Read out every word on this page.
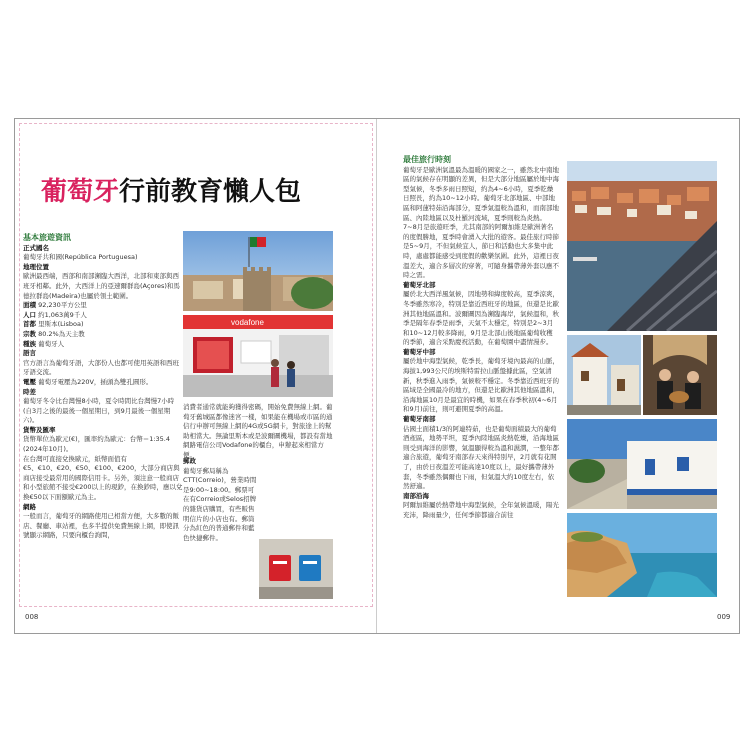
葡萄牙行前教育懶人包
基本旅遊資訊
正式國名
葡萄牙共和國(República Portuguesa)
地理位置
歐洲最西端，西部和南部瀕臨大西洋，北部和東部與西班牙相鄰。此外，大西洋上的亞速爾群島(Açores)和馬德拉群島(Madeira)也屬於領土範圍。
面積 92,230平方公里
人口 約1,063萬9千人
首都 里斯本(Lisboa)
宗教 80.2%為天主教
種族 葡萄牙人
語言
官方語言為葡萄牙語，大部份人也都可使用英語和西班牙語交流。
電壓 葡萄牙電壓為220V，插頭為雙孔圓形。
時差
葡萄牙冬令比台灣慢8小時，夏令時間比台灣慢7小時(自3月之後的最後一個星期日，到9月最後一個星期六)。
貨幣及匯率
貨幣單位為歐元(€)，匯率約為歐元：台幣＝1:35.4 (2024年10月)。
在台灣可直接兌換歐元，紙幣面值有€5、€10、€20、€50、€100、€200，大部分商店與商店接受最常用的國際信用卡。另外，須注意一般商店和小型旅館不接受€200以上的現鈔，在換鈔時，應以兌換€50以下面額歐元為主。
網路
一般而言，葡萄牙的網路使用已相當方便，大多數的飯店、餐廳、車站裡，也多半提供免費無線上網，即使訊號顯示網路，只要向櫃台詢問，
vodafone
消費者通常就能夠獲得密碼，開始免費無線上網。葡萄牙舊城區都像迷宮一樣，如果能在機場或市區的通信行申辦可無線上網的4G或5G網卡，對旅途上的幫助相當大。無論里斯本或是波爾圖機場，都設有當地網路電信公司Vodafone的櫃台，申辦起來相當方便。
郵政
葡萄牙郵局稱為CTT(Correio)，營業時間是9:00~18:00。郵票可在有Correio或Selos招牌的雜貨店購買，有些販售明信片的小店也有。郵筒分為紅色的普通郵件和藍色快捷郵件。
008
最佳旅行時刻
葡萄牙是歐洲氣溫最為溫暖的國家之一，雖然北中南地區的氣候存在明顯的差異，但是大部分地區屬於地中海型氣候，冬季多雨日照短，約為4~6小時，夏季乾燥日照長，約為10~12小時。葡萄牙北部地區、中部地區和阿蓮特茹沿海部分，夏季氣溫較為溫和，而南部地區、內陸地區以及杜羅河流域，夏季則較為炎熱。7~8月是旅遊旺季，尤其南部的阿爾加維是歐洲著名的度假勝地，夏季時會湧入大批的遊客。最佳旅行時節是5~9月，不但氣候宜人，節日和活動也大多集中此時，處處都能感受到度假的歡樂氛圍。此外，這裡日夜溫差大，適合多層次的穿著，可隨身攜帶薄外套以應不時之需。
葡萄牙北部
屬於北大西洋風氣候，因地勢和緯度較高，夏季涼爽，冬季雖然寒冷，特別是靠近西班牙的地區，但還是比歐洲其他地區溫和。波爾圖因為瀕臨海岸，氣候溫和，秋季是隔年春季是雨季，天氣不太穩定，特別是2~3月和10~12月較多降雨，9月是北部山後地區葡萄收穫的季節，適合采點慶祝活動，在葡萄園中盡情漫步。
葡萄牙中部
屬於地中海型氣候，乾季長，葡萄牙境內最高的山脈，海拔1,993公尺的埃斯特雷拉山脈盤據此區，空氣清新，秋季進入雨季，氣候較不穩定。冬季靠近西班牙的區域是全國最冷的地方，但還是比歐洲其他地區溫和，沿海地區10月是最宜的時機，如果在春季秋初(4~6月和9月)前往，則可避開夏季的高溫。
葡萄牙南部
佔國土面積1/3的阿連特茹，也是葡萄面積最大的葡萄酒產區，地勢平坦，夏季內陸地區炎熱乾燥，沿海地區則受到海洋的影響，氣溫顯得較為溫和濕潤，一整年都適合旅遊，葡萄牙南部春天來得特別早，2月就有花開了，由於日夜溫差可能高達10度以上，最好攜帶薄外套，冬季雖然偶爾也下雨，但氣溫大約10度左右，依然舒適。
南部沿海
阿爾加維屬於熱帶地中海型氣候，全年氣候溫暖，陽光充沛，降雨量少，任何季節都適合前往
009
